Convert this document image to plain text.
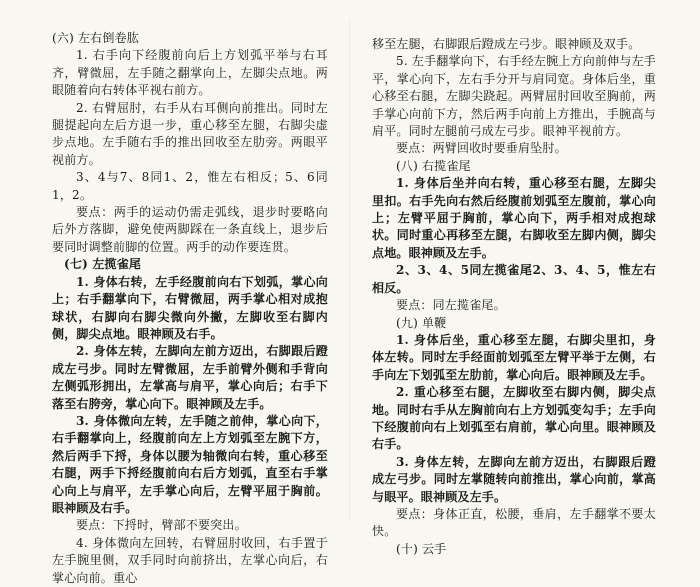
(六) 左右倒卷肱

1. 右手向下经腹前向后上方划弧平举与右耳齐，臂微屈，左手随之翻掌向上，左脚尖点地。两眼随着向右转体平视右前方。

2. 右臂屈肘，右手从右耳侧向前推出。同时左腿提起向左后方退一步，重心移至左腿，右脚尖虚步点地。左手随右手的推出回收至左肋旁。两眼平视前方。

3、4与7、8同1、2，惟左右相反；5、6同1，2。

要点：两手的运动仍需走弧线，退步时要略向后外方落脚，避免使两脚踩在一条直线上，退步后要同时调整前脚的位置。两手的动作要连贯。

(七) 左揽雀尾

1. 身体右转，左手经腹前向右下划弧，掌心向上；右手翻掌向下，右臂微屈，两手掌心相对成抱球状，右脚向右脚尖微向外撇，左脚收至右脚内侧，脚尖点地。眼神顾及右手。

2. 身体左转，左脚向左前方迈出，右脚跟后蹬成左弓步。同时左臂微屈，左手前臂外侧和手背向左侧弧形拥出，左掌高与肩平，掌心向后；右手下落至右胯旁，掌心向下。眼神顾及左手。

3. 身体微向左转，左手随之前伸，掌心向下，右手翻掌向上，经腹前向左上方划弧至左腕下方，然后两手下捋，身体以腰为轴微向右转，重心移至右腿，两手下捋经腹前向右后方划弧，直至右手掌心向上与肩平，左手掌心向后，左臂平屈于胸前。眼神顾及右手。

要点：下捋时，臂部不要突出。

4. 身体微向左回转，右臂屈肘收回，右手置于左手腕里侧，双手同时向前挤出，左掌心向后，右掌心向前。重心

移至左腿，右脚跟后蹬成左弓步。眼神顾及双手。

5. 左手翻掌向下，右手经左腕上方向前伸与左手平，掌心向下，左右手分开与肩同宽。身体后坐，重心移至右腿，左脚尖跷起。两臂屈肘回收至胸前，两手掌心向前下方，然后两手向前上方推出，手腕高与肩平。同时左腿前弓成左弓步。眼神平视前方。

要点：两臂回收时要垂肩坠肘。

(八) 右揽雀尾

1. 身体后坐并向右转，重心移至右腿，左脚尖里扣。右手先向右然后经腹前划弧至左腹前，掌心向上；左臂平屈于胸前，掌心向下，两手相对成抱球状。同时重心再移至左腿，右脚收至左脚内侧，脚尖点地。眼神顾及左手。

2、3、4、5同左揽雀尾2、3、4、5，惟左右相反。

要点：同左揽雀尾。

(九) 单鞭

1. 身体后坐，重心移至左腿，右脚尖里扣，身体左转。同时左手经面前划弧至左臂平举于左侧，右手向左下划弧至左肋前，掌心向后。眼神顾及左手。

2. 重心移至右腿，左脚收至右脚内侧，脚尖点地。同时右手从左胸前向右上方划弧变勾手；左手向下经腹前向右上划弧至右肩前，掌心向里。眼神顾及右手。

3. 身体左转，左脚向左前方迈出，右脚跟后蹬成左弓步。同时左掌随转向前推出，掌心向前，掌高与眼平。眼神顾及左手。

要点：身体正直，松腰，垂肩，左手翻掌不要太快。

(十) 云手
